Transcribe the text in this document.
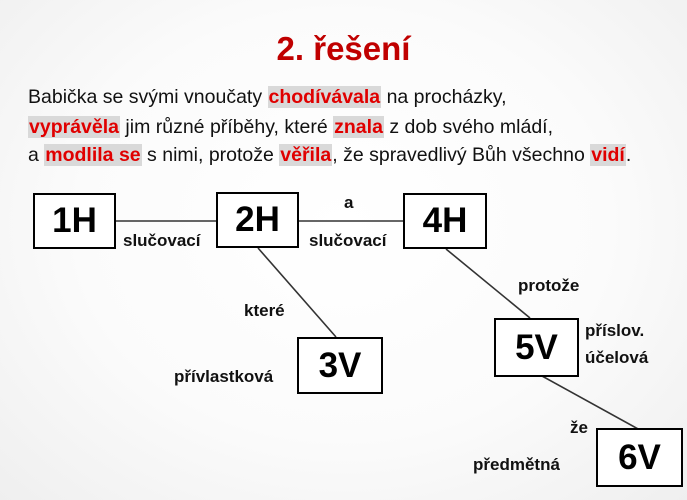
2. řešení
Babička se svými vnoučaty chodívávala na procházky,
vyprávěla jim různé příběhy, které znala z dob svého mládí,
a modlila se s nimi, protože věřila, že spravedlivý Bůh všechno vidí.
1H	2H	4H
3V	5V
6V
slučovací
a
slučovací
které
přívlastková
protože
příslov.
účelová
že
předmětná
